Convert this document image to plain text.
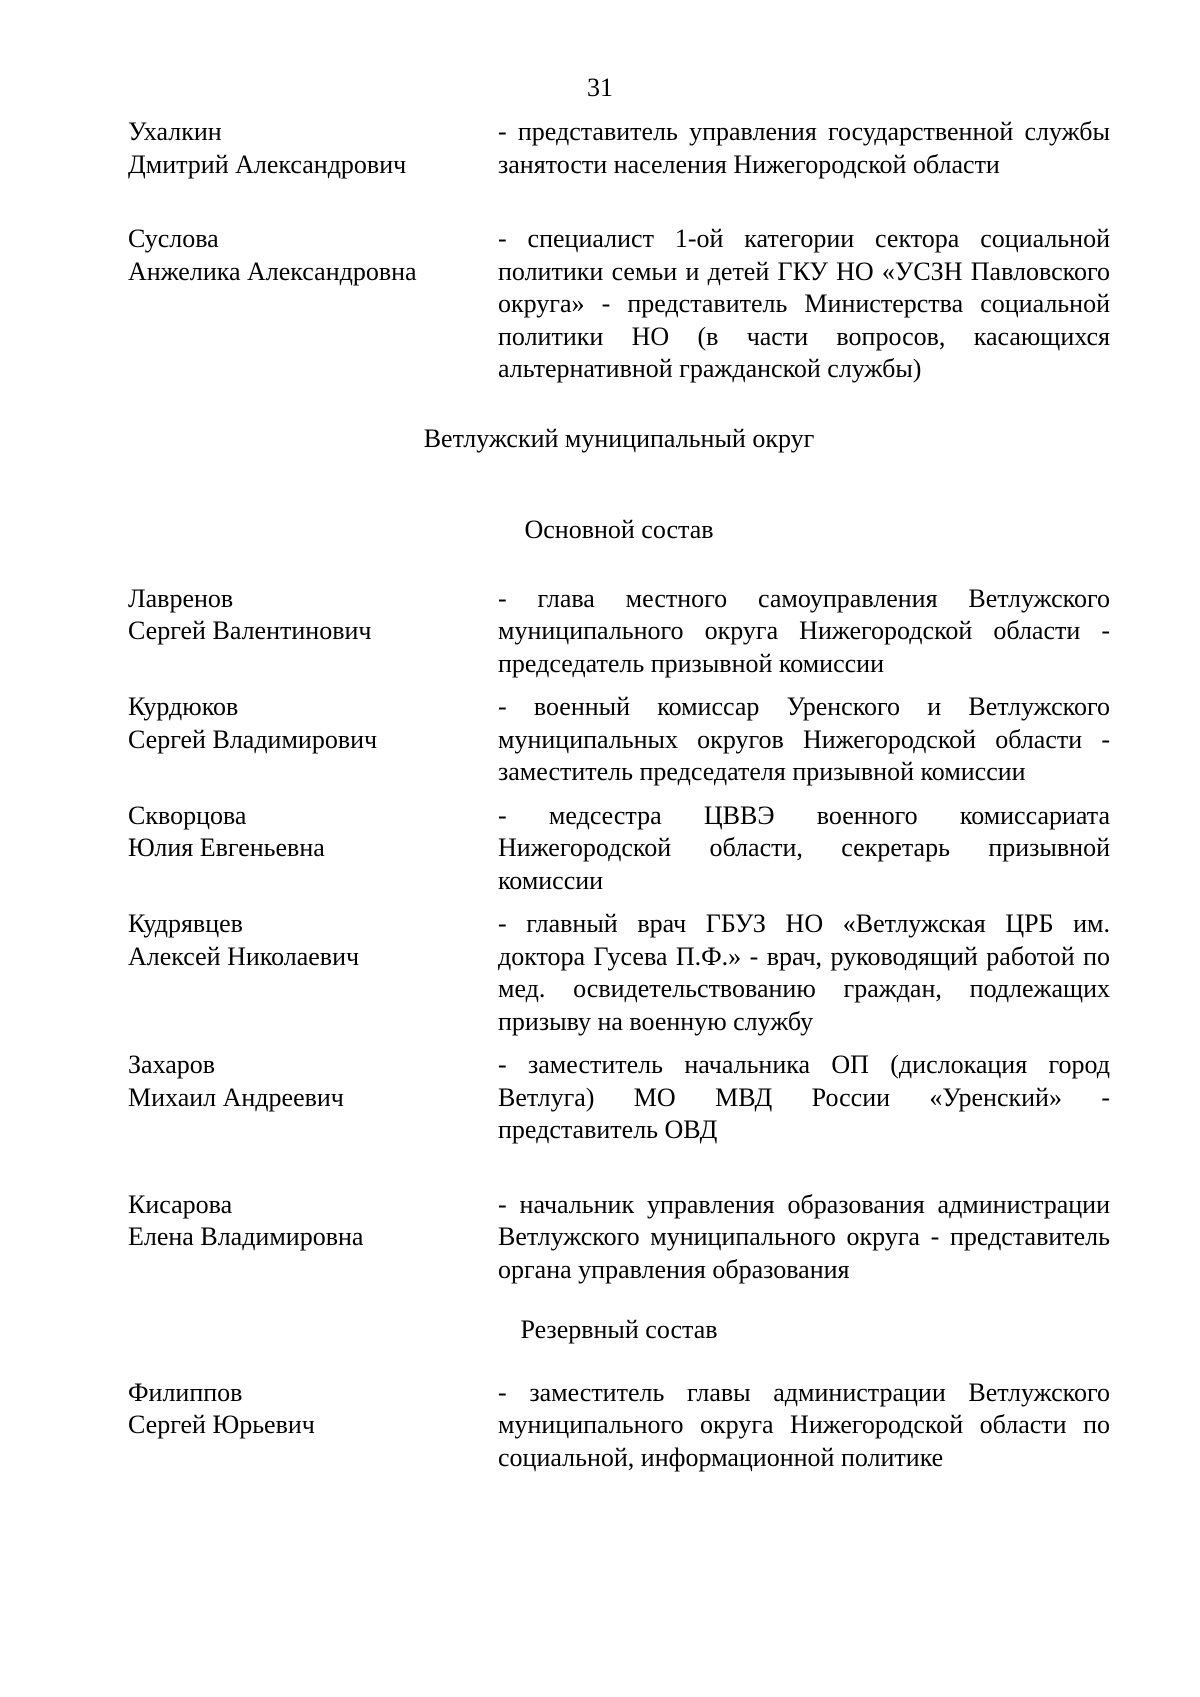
31
Ухалкин
Дмитрий Александрович
- представитель управления государственной службы занятости населения Нижегородской области
Суслова
Анжелика Александровна
- специалист 1-ой категории сектора социальной политики семьи и детей ГКУ НО «УСЗН Павловского округа» - представитель Министерства социальной политики НО (в части вопросов, касающихся альтернативной гражданской службы)
Ветлужский муниципальный округ
Основной состав
Лавренов
Сергей Валентинович
- глава местного самоуправления Ветлужского муниципального округа Нижегородской области - председатель призывной комиссии
Курдюков
Сергей Владимирович
- военный комиссар Уренского и Ветлужского муниципальных округов Нижегородской области - заместитель председателя призывной комиссии
Скворцова
Юлия Евгеньевна
- медсестра ЦВВЭ военного комиссариата Нижегородской области, секретарь призывной комиссии
Кудрявцев
Алексей Николаевич
- главный врач ГБУЗ НО «Ветлужская ЦРБ им. доктора Гусева П.Ф.» - врач, руководящий работой по мед. освидетельствованию граждан, подлежащих призыву на военную службу
Захаров
Михаил Андреевич
- заместитель начальника ОП (дислокация город Ветлуга) МО МВД России «Уренский» - представитель ОВД
Кисарова
Елена Владимировна
- начальник управления образования администрации Ветлужского муниципального округа - представитель органа управления образования
Резервный состав
Филиппов
Сергей Юрьевич
- заместитель главы администрации Ветлужского муниципального округа Нижегородской области по социальной, информационной политике
